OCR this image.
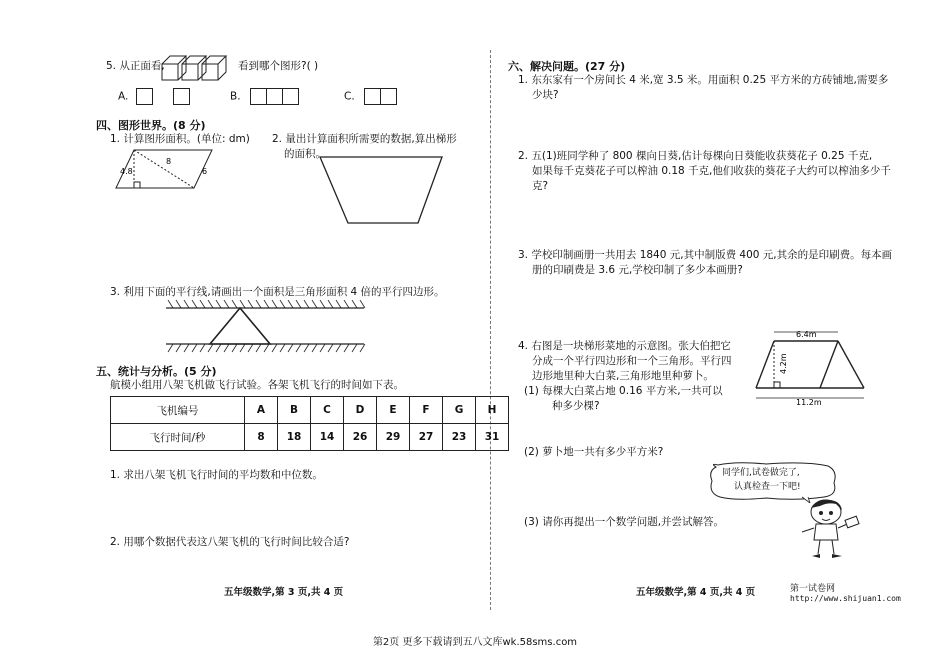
5. 从正面看,	看到哪个图形?( )
A.	B.	C.
四、图形世界。(8 分)
1. 计算图形面积。(单位: dm) 2. 量出计算面积所需要的数据,算出梯形
的面积。
4.8
8
6
3. 利用下面的平行线,请画出一个面积是三角形面积 4 倍的平行四边形。
五、统计与分析。(5 分)
航模小组用八架飞机做飞行试验。各架飞机飞行的时间如下表。
飞机编号	A	B	C	D	E	F	G	H
飞行时间/秒	8	18	14	26	29	27	23	31
1. 求出八架飞机飞行时间的平均数和中位数。
2. 用哪个数据代表这八架飞机的飞行时间比较合适?
五年级数学,第 3 页,共 4 页
六、解决问题。(27 分)
1. 东东家有一个房间长 4 米,宽 3.5 米。用面积 0.25 平方米的方砖铺地,需要多
少块?
2. 五(1)班同学种了 800 棵向日葵,估计每棵向日葵能收获葵花子 0.25 千克,
如果每千克葵花子可以榨油 0.18 千克,他们收获的葵花子大约可以榨油多少千
克?
3. 学校印制画册一共用去 1840 元,其中制版费 400 元,其余的是印刷费。每本画
册的印刷费是 3.6 元,学校印制了多少本画册?
4. 右图是一块梯形菜地的示意图。张大伯把它
分成一个平行四边形和一个三角形。平行四
边形地里种大白菜,三角形地里种萝卜。
(1) 每棵大白菜占地 0.16 平方米,一共可以
种多少棵?
6.4m
4.2m
11.2m
(2) 萝卜地一共有多少平方米?
(3) 请你再提出一个数学问题,并尝试解答。
同学们,试卷做完了,
认真检查一下吧!
五年级数学,第 4 页,共 4 页	第一试卷网
http://www.shijuan1.com
第2页 更多下载请到五八文库wk.58sms.com
